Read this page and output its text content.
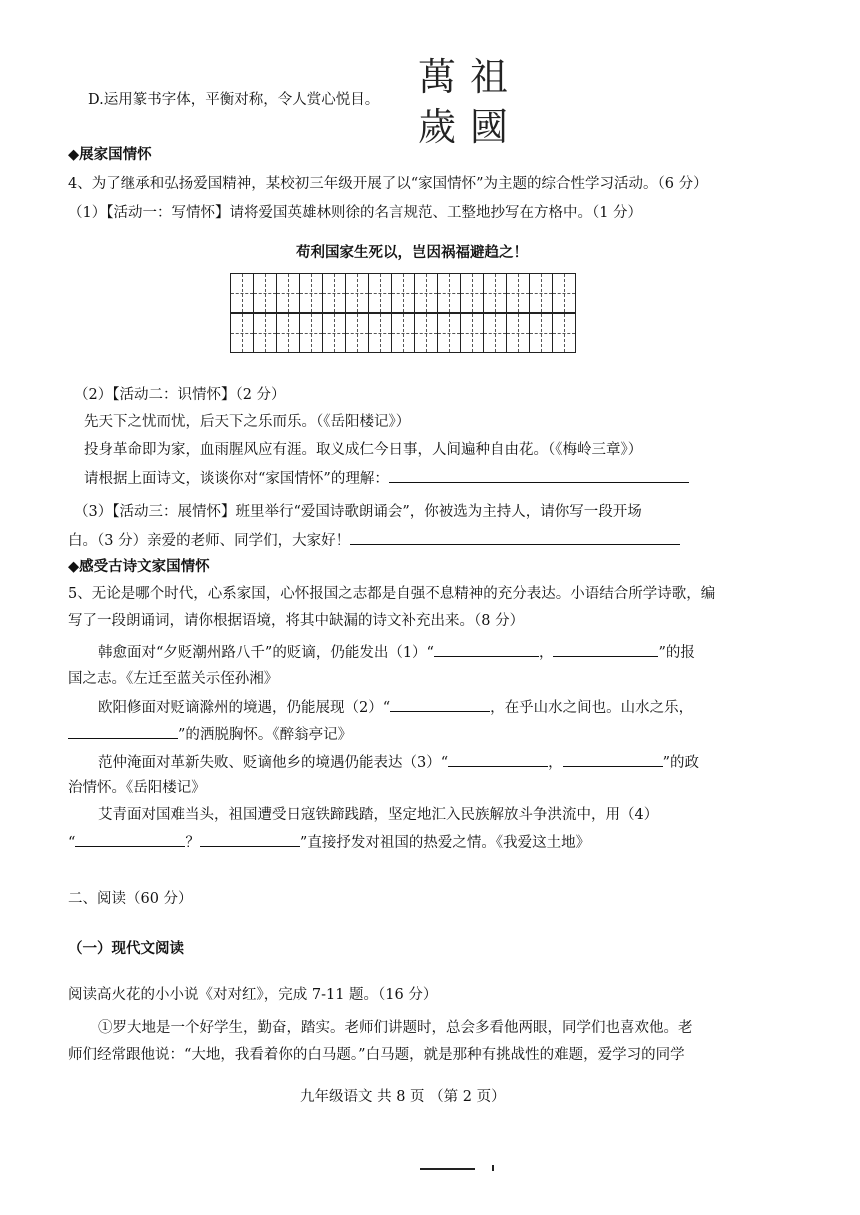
D.运用篆书字体，平衡对称，令人赏心悦目。
祖
國
萬
歲
◆展家国情怀
4、为了继承和弘扬爱国精神，某校初三年级开展了以“家国情怀”为主题的综合性学习活动。（6 分）
（1）【活动一：写情怀】请将爱国英雄林则徐的名言规范、工整地抄写在方格中。（1 分）
苟利国家生死以，岂因祸福避趋之！
（2）【活动二：识情怀】（2 分）
先天下之忧而忧，后天下之乐而乐。（《岳阳楼记》）
投身革命即为家，血雨腥风应有涯。取义成仁今日事，人间遍种自由花。（《梅岭三章》）
请根据上面诗文，谈谈你对“家国情怀”的理解：
（3）【活动三：展情怀】班里举行“爱国诗歌朗诵会”，你被选为主持人，请你写一段开场
白。（3 分）亲爱的老师、同学们，大家好！
◆感受古诗文家国情怀
5、无论是哪个时代，心系家国，心怀报国之志都是自强不息精神的充分表达。小语结合所学诗歌，编
写了一段朗诵词，请你根据语境，将其中缺漏的诗文补充出来。（8 分）
韩愈面对“夕贬潮州路八千”的贬谪，仍能发出（1）“	，	”的报
国之志。《左迁至蓝关示侄孙湘》
欧阳修面对贬谪滁州的境遇，仍能展现（2）“	，在乎山水之间也。山水之乐，
”的洒脱胸怀。《醉翁亭记》
范仲淹面对革新失败、贬谪他乡的境遇仍能表达（3）“	，	”的政
治情怀。《岳阳楼记》
艾青面对国难当头，祖国遭受日寇铁蹄践踏，坚定地汇入民族解放斗争洪流中，用（4）
“	？	”直接抒发对祖国的热爱之情。《我爱这土地》
二、阅读（60 分）
（一）现代文阅读
阅读高火花的小小说《对对红》，完成 7-11 题。（16 分）
①罗大地是一个好学生，勤奋，踏实。老师们讲题时，总会多看他两眼，同学们也喜欢他。老
师们经常跟他说：“大地，我看着你的白马题。”白马题，就是那种有挑战性的难题，爱学习的同学
九年级语文 共 8 页 （第 2 页）
